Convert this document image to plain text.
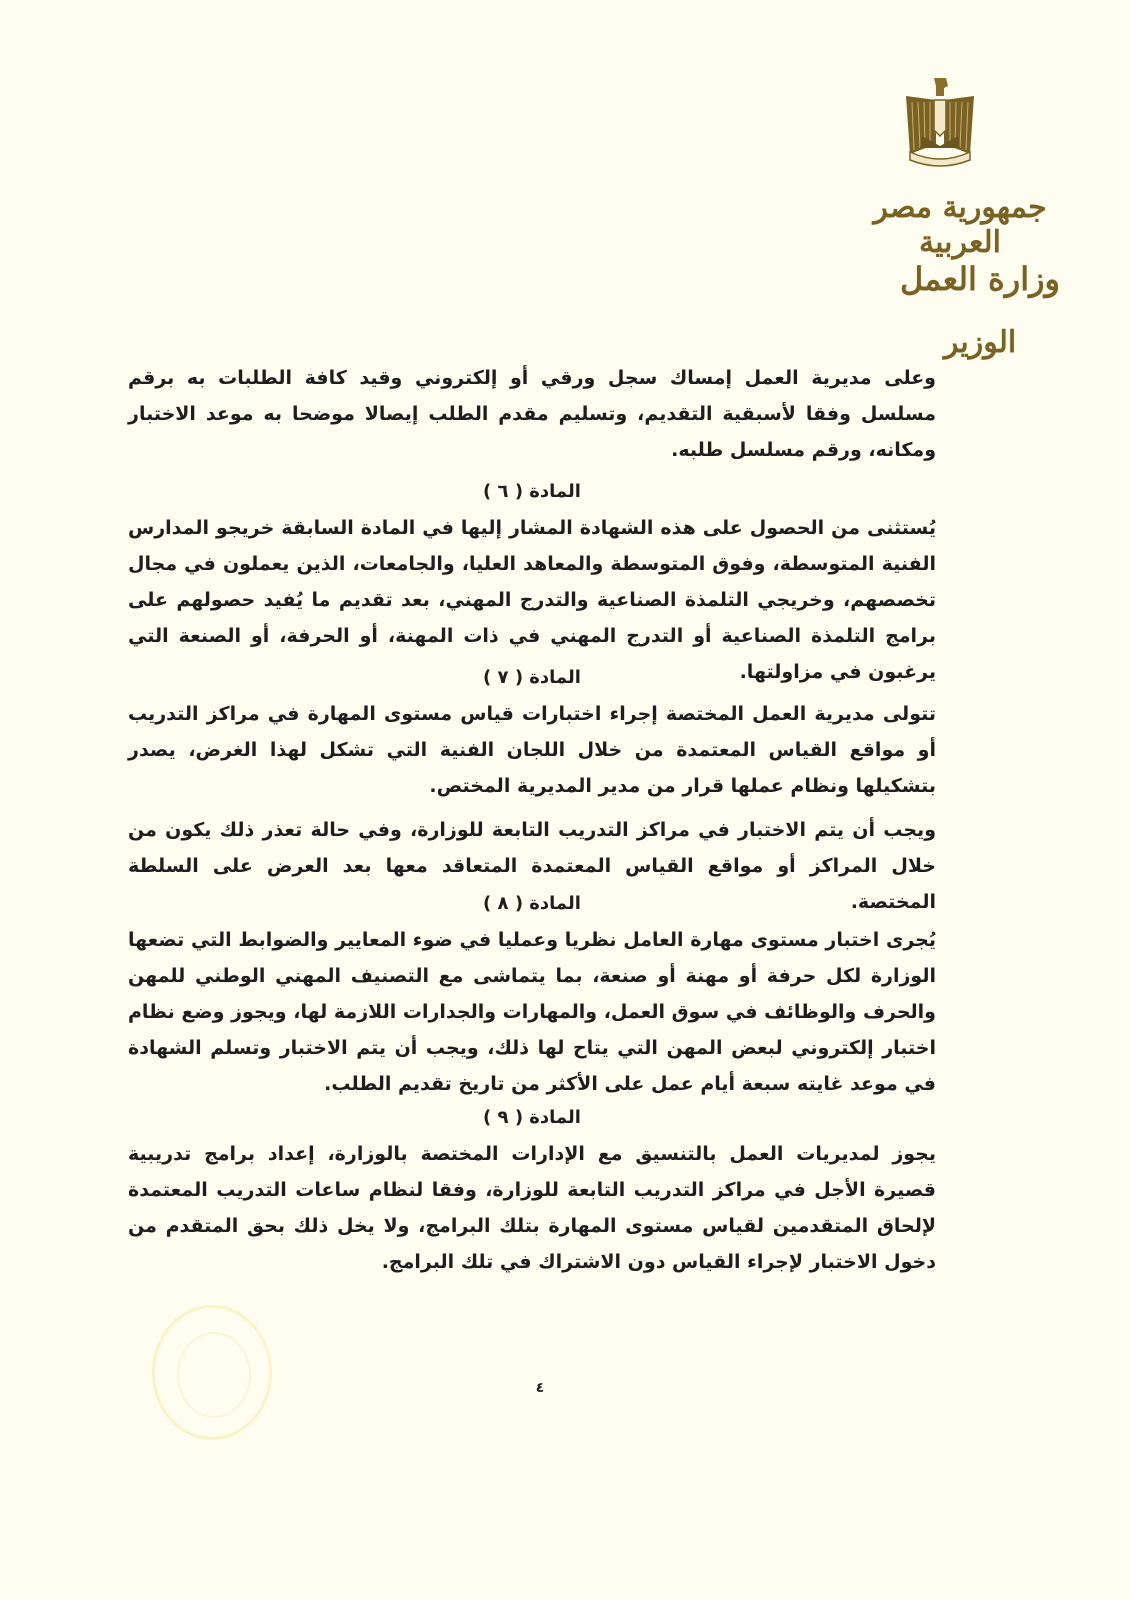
جمهورية مصر العربية
وزارة العمل
الوزير

وعلى مديرية العمل إمساك سجل ورقي أو إلكتروني وقيد كافة الطلبات به برقم مسلسل وفقا لأسبقية التقديم، وتسليم مقدم الطلب إيصالا موضحا به موعد الاختبار ومكانه، ورقم مسلسل طلبه.

المادة ( ٦ )

يُستثنى من الحصول على هذه الشهادة المشار إليها في المادة السابقة خريجو المدارس الفنية المتوسطة، وفوق المتوسطة والمعاهد العليا، والجامعات، الذين يعملون في مجال تخصصهم، وخريجي التلمذة الصناعية والتدرج المهني، بعد تقديم ما يُفيد حصولهم على برامج التلمذة الصناعية أو التدرج المهني في ذات المهنة، أو الحرفة، أو الصنعة التي يرغبون في مزاولتها.

المادة ( ٧ )

تتولى مديرية العمل المختصة إجراء اختبارات قياس مستوى المهارة في مراكز التدريب أو مواقع القياس المعتمدة من خلال اللجان الفنية التي تشكل لهذا الغرض، يصدر بتشكيلها ونظام عملها قرار من مدير المديرية المختص.

ويجب أن يتم الاختبار في مراكز التدريب التابعة للوزارة، وفي حالة تعذر ذلك يكون من خلال المراكز أو مواقع القياس المعتمدة المتعاقد معها بعد العرض على السلطة المختصة.

المادة ( ٨ )

يُجرى اختبار مستوى مهارة العامل نظريا وعمليا في ضوء المعايير والضوابط التي تضعها الوزارة لكل حرفة أو مهنة أو صنعة، بما يتماشى مع التصنيف المهني الوطني للمهن والحرف والوظائف في سوق العمل، والمهارات والجدارات اللازمة لها، ويجوز وضع نظام اختبار إلكتروني لبعض المهن التي يتاح لها ذلك، ويجب أن يتم الاختبار وتسلم الشهادة في موعد غايته سبعة أيام عمل على الأكثر من تاريخ تقديم الطلب.

المادة ( ٩ )

يجوز لمديريات العمل بالتنسيق مع الإدارات المختصة بالوزارة، إعداد برامج تدريبية قصيرة الأجل في مراكز التدريب التابعة للوزارة، وفقا لنظام ساعات التدريب المعتمدة لإلحاق المتقدمين لقياس مستوى المهارة بتلك البرامج، ولا يخل ذلك بحق المتقدم من دخول الاختبار لإجراء القياس دون الاشتراك في تلك البرامج.

٤
